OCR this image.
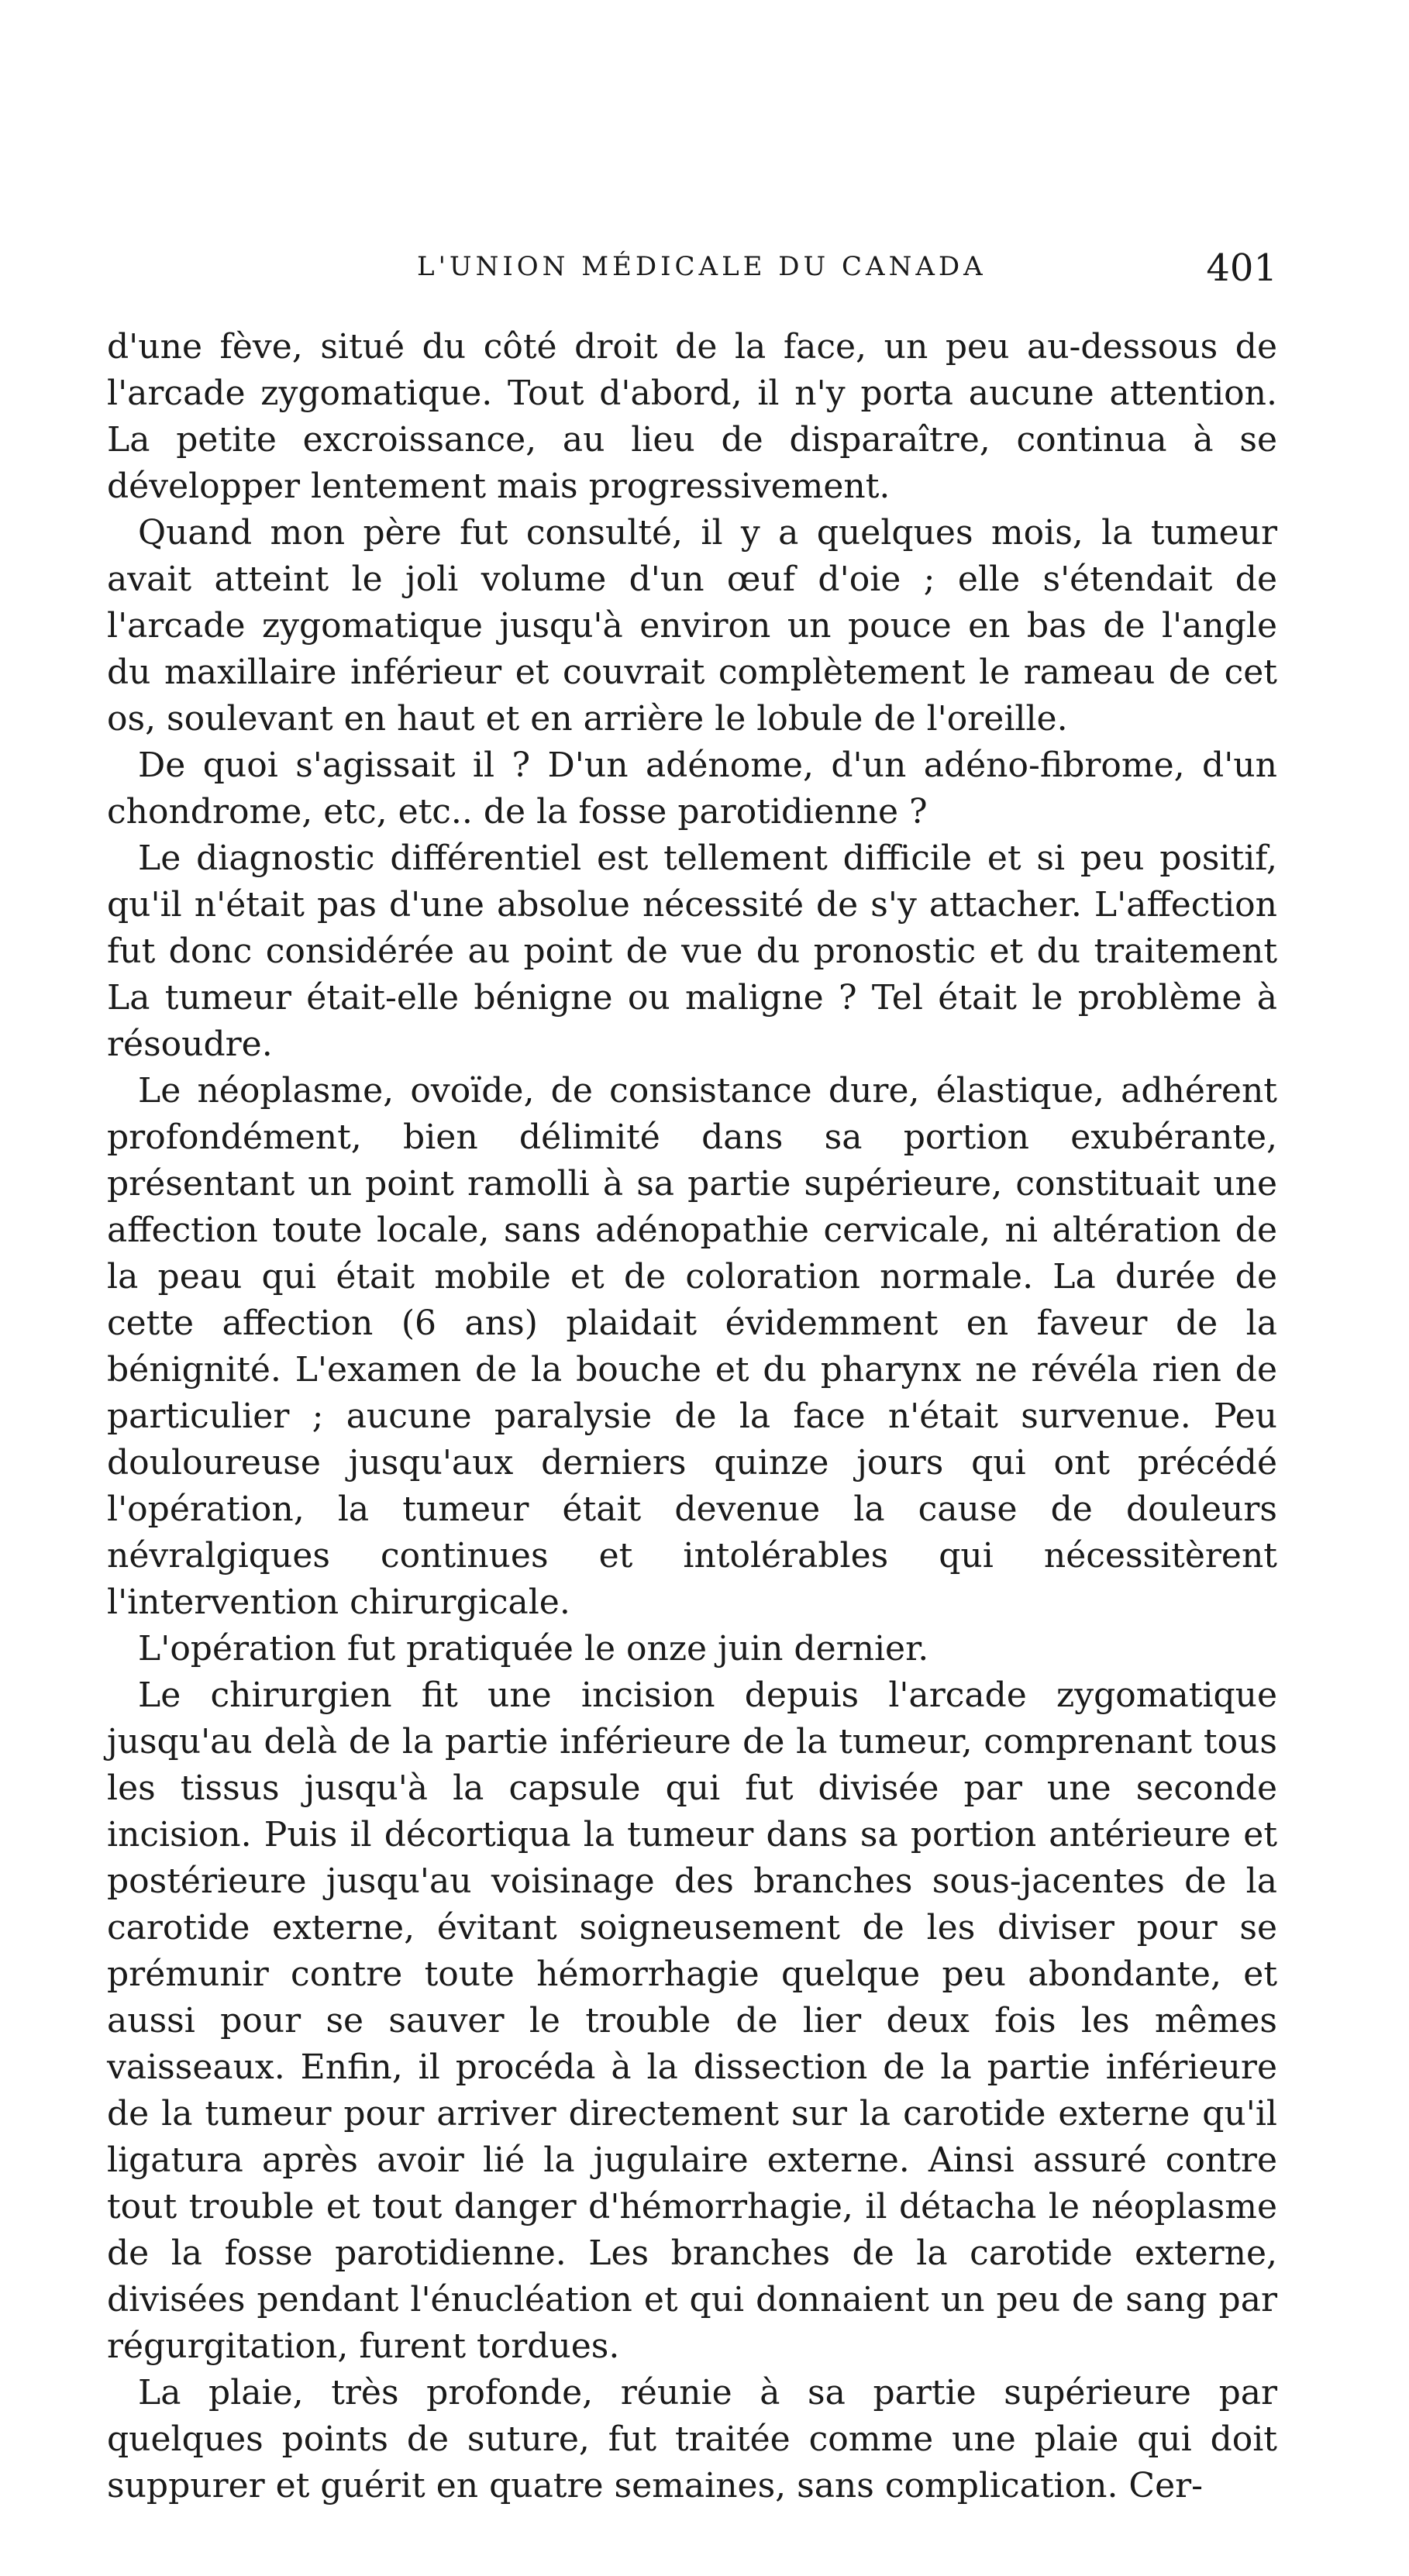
L'UNION MÉDICALE DU CANADA	401

d'une fève, situé du côté droit de la face, un peu au-dessous de l'arcade zygomatique. Tout d'abord, il n'y porta aucune attention. La petite excroissance, au lieu de disparaître, continua à se développer lentement mais progressivement.

Quand mon père fut consulté, il y a quelques mois, la tumeur avait atteint le joli volume d'un œuf d'oie ; elle s'étendait de l'arcade zygomatique jusqu'à environ un pouce en bas de l'angle du maxillaire inférieur et couvrait complètement le rameau de cet os, soulevant en haut et en arrière le lobule de l'oreille.

De quoi s'agissait il ? D'un adénome, d'un adéno-fibrome, d'un chondrome, etc, etc.. de la fosse parotidienne ?

Le diagnostic différentiel est tellement difficile et si peu positif, qu'il n'était pas d'une absolue nécessité de s'y attacher. L'affection fut donc considérée au point de vue du pronostic et du traitement La tumeur était-elle bénigne ou maligne ? Tel était le problème à résoudre.

Le néoplasme, ovoïde, de consistance dure, élastique, adhérent profondément, bien délimité dans sa portion exubérante, présentant un point ramolli à sa partie supérieure, constituait une affection toute locale, sans adénopathie cervicale, ni altération de la peau qui était mobile et de coloration normale. La durée de cette affection (6 ans) plaidait évidemment en faveur de la bénignité. L'examen de la bouche et du pharynx ne révéla rien de particulier ; aucune paralysie de la face n'était survenue. Peu douloureuse jusqu'aux derniers quinze jours qui ont précédé l'opération, la tumeur était devenue la cause de douleurs névralgiques continues et intolérables qui nécessitèrent l'intervention chirurgicale.

L'opération fut pratiquée le onze juin dernier.

Le chirurgien fit une incision depuis l'arcade zygomatique jusqu'au delà de la partie inférieure de la tumeur, comprenant tous les tissus jusqu'à la capsule qui fut divisée par une seconde incision. Puis il décortiqua la tumeur dans sa portion antérieure et postérieure jusqu'au voisinage des branches sous-jacentes de la carotide externe, évitant soigneusement de les diviser pour se prémunir contre toute hémorrhagie quelque peu abondante, et aussi pour se sauver le trouble de lier deux fois les mêmes vaisseaux. Enfin, il procéda à la dissection de la partie inférieure de la tumeur pour arriver directement sur la carotide externe qu'il ligatura après avoir lié la jugulaire externe. Ainsi assuré contre tout trouble et tout danger d'hémorrhagie, il détacha le néoplasme de la fosse parotidienne. Les branches de la carotide externe, divisées pendant l'énucléation et qui donnaient un peu de sang par régurgitation, furent tordues.

La plaie, très profonde, réunie à sa partie supérieure par quelques points de suture, fut traitée comme une plaie qui doit suppurer et guérit en quatre semaines, sans complication. Cer-
